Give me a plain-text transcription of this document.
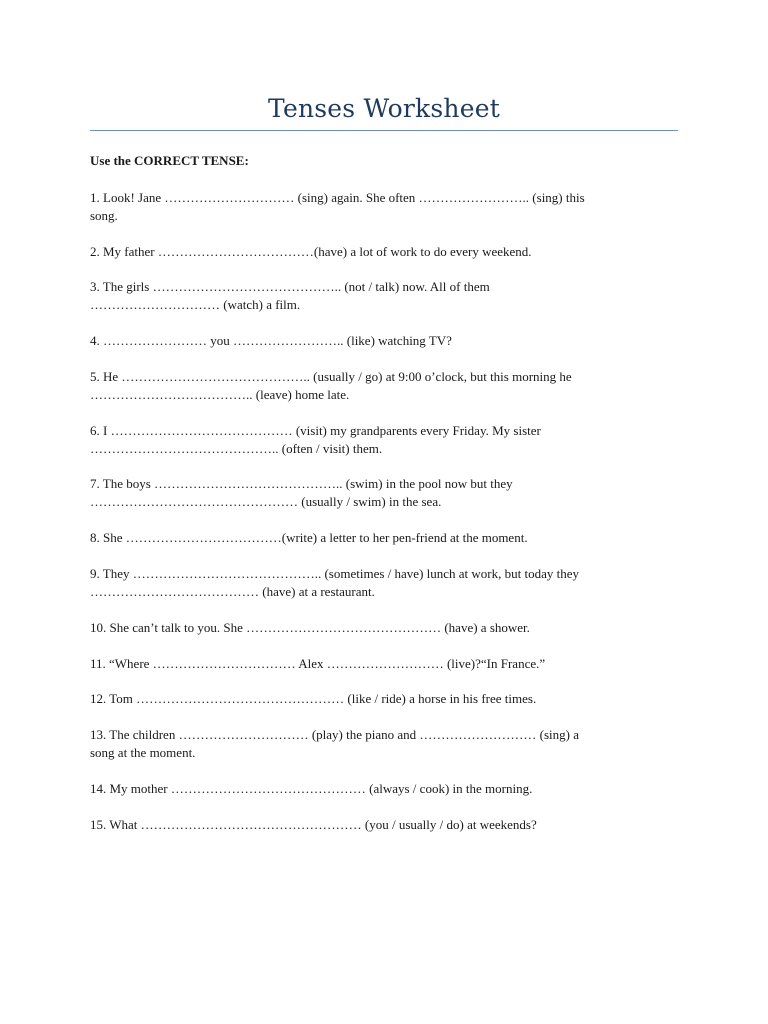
Tenses Worksheet
Use the CORRECT TENSE:
1. Look! Jane ………………………… (sing) again. She often …………………….. (sing) this
song.
2. My father ………………………………(have) a lot of work to do every weekend.
3. The girls …………………………………….. (not / talk) now. All of them
………………………… (watch) a film.
4. …………………… you …………………….. (like) watching TV?
5. He …………………………………….. (usually / go) at 9:00 o’clock, but this morning he
……………………………….. (leave) home late.
6. I …………………………………… (visit) my grandparents every Friday. My sister
…………………………………….. (often / visit) them.
7. The boys …………………………………….. (swim) in the pool now but they
………………………………………… (usually / swim) in the sea.
8. She ………………………………(write) a letter to her pen-friend at the moment.
9. They …………………………………….. (sometimes / have) lunch at work, but today they
………………………………… (have) at a restaurant.
10. She can’t talk to you. She ……………………………………… (have) a shower.
11. “Where …………………………… Alex ……………………… (live)?“In France.”
12. Tom ………………………………………… (like / ride) a horse in his free times.
13. The children ………………………… (play) the piano and ……………………… (sing) a
song at the moment.
14. My mother ……………………………………… (always / cook) in the morning.
15. What …………………………………………… (you / usually / do) at weekends?
